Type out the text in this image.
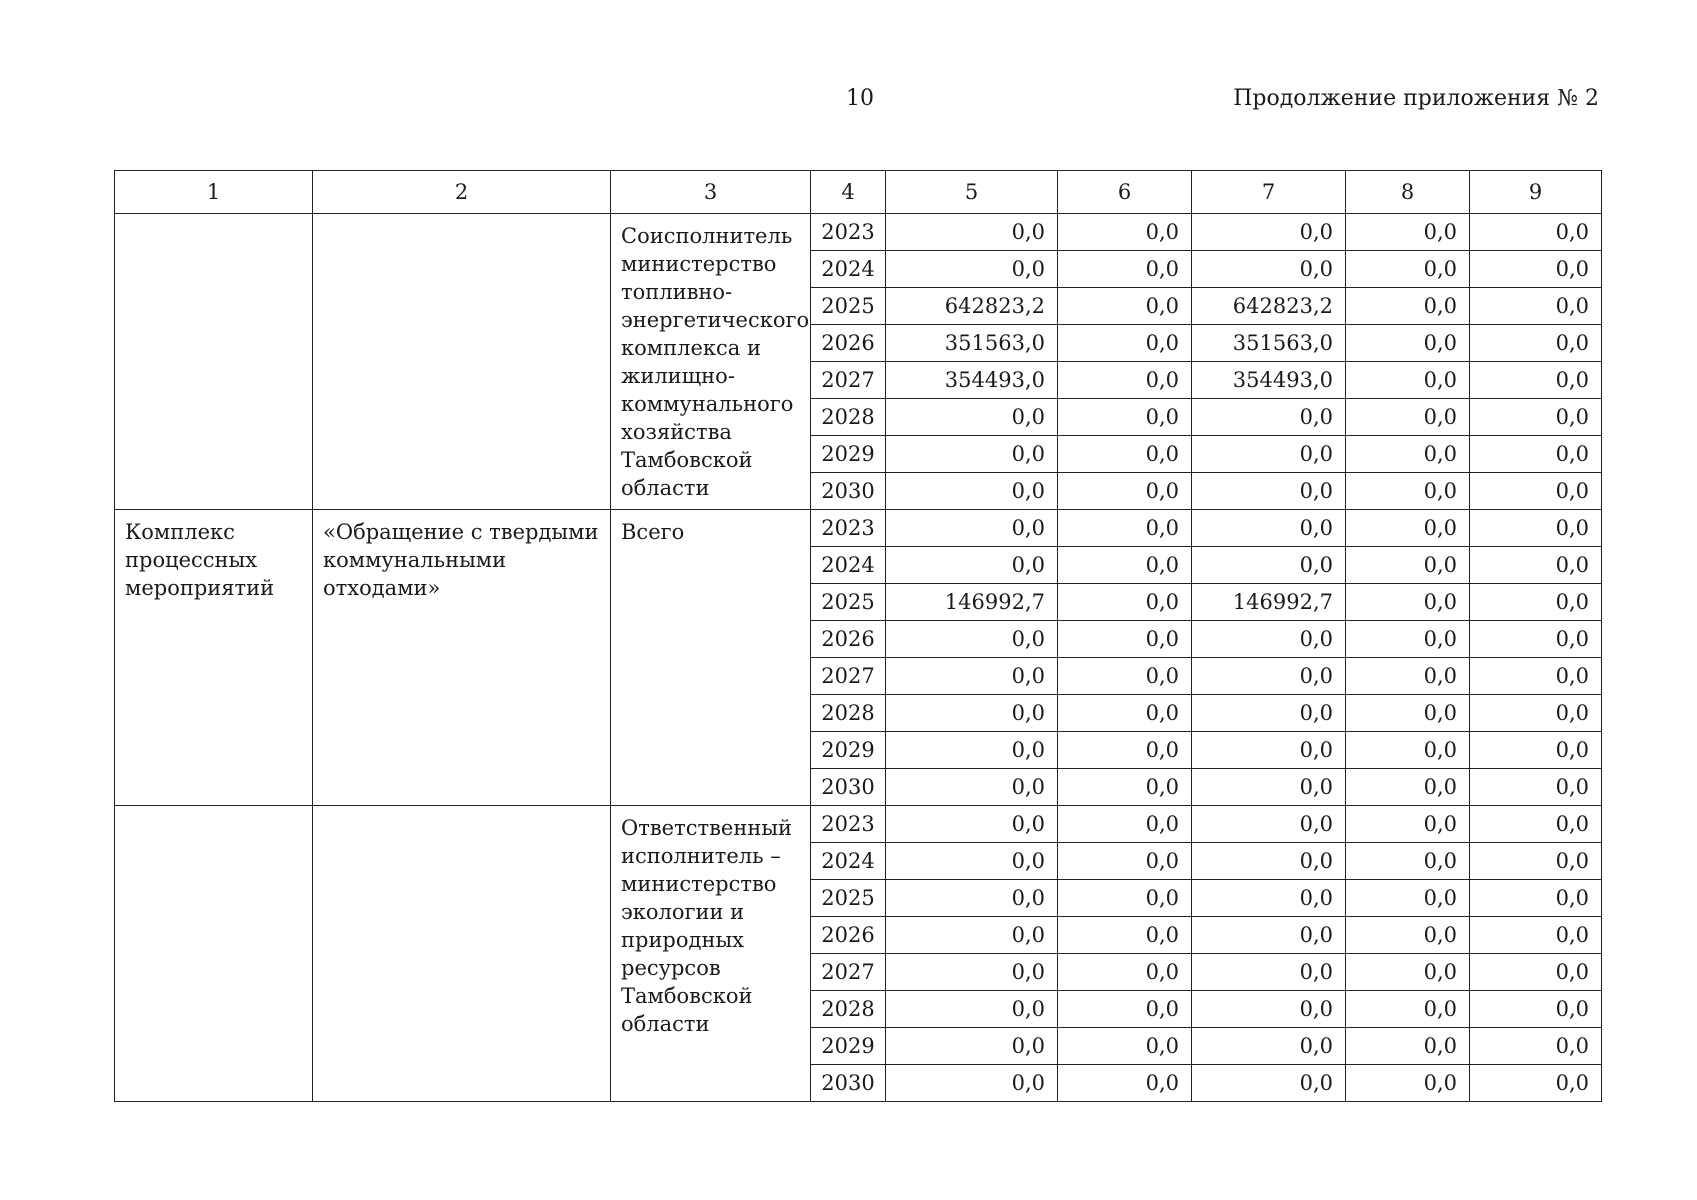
10	Продолжение приложения № 2
1	2	3	4	5	6	7	8	9
		Соисполнитель министерство топливно-энергетического комплекса и жилищно-коммунального хозяйства Тамбовской области	2023	0,0	0,0	0,0	0,0	0,0
			2024	0,0	0,0	0,0	0,0	0,0
			2025	642823,2	0,0	642823,2	0,0	0,0
			2026	351563,0	0,0	351563,0	0,0	0,0
			2027	354493,0	0,0	354493,0	0,0	0,0
			2028	0,0	0,0	0,0	0,0	0,0
			2029	0,0	0,0	0,0	0,0	0,0
			2030	0,0	0,0	0,0	0,0	0,0
Комплекс процессных мероприятий	«Обращение с твердыми коммунальными отходами»	Всего	2023	0,0	0,0	0,0	0,0	0,0
			2024	0,0	0,0	0,0	0,0	0,0
			2025	146992,7	0,0	146992,7	0,0	0,0
			2026	0,0	0,0	0,0	0,0	0,0
			2027	0,0	0,0	0,0	0,0	0,0
			2028	0,0	0,0	0,0	0,0	0,0
			2029	0,0	0,0	0,0	0,0	0,0
			2030	0,0	0,0	0,0	0,0	0,0
		Ответственный исполнитель – министерство экологии и природных ресурсов Тамбовской области	2023	0,0	0,0	0,0	0,0	0,0
			2024	0,0	0,0	0,0	0,0	0,0
			2025	0,0	0,0	0,0	0,0	0,0
			2026	0,0	0,0	0,0	0,0	0,0
			2027	0,0	0,0	0,0	0,0	0,0
			2028	0,0	0,0	0,0	0,0	0,0
			2029	0,0	0,0	0,0	0,0	0,0
			2030	0,0	0,0	0,0	0,0	0,0
